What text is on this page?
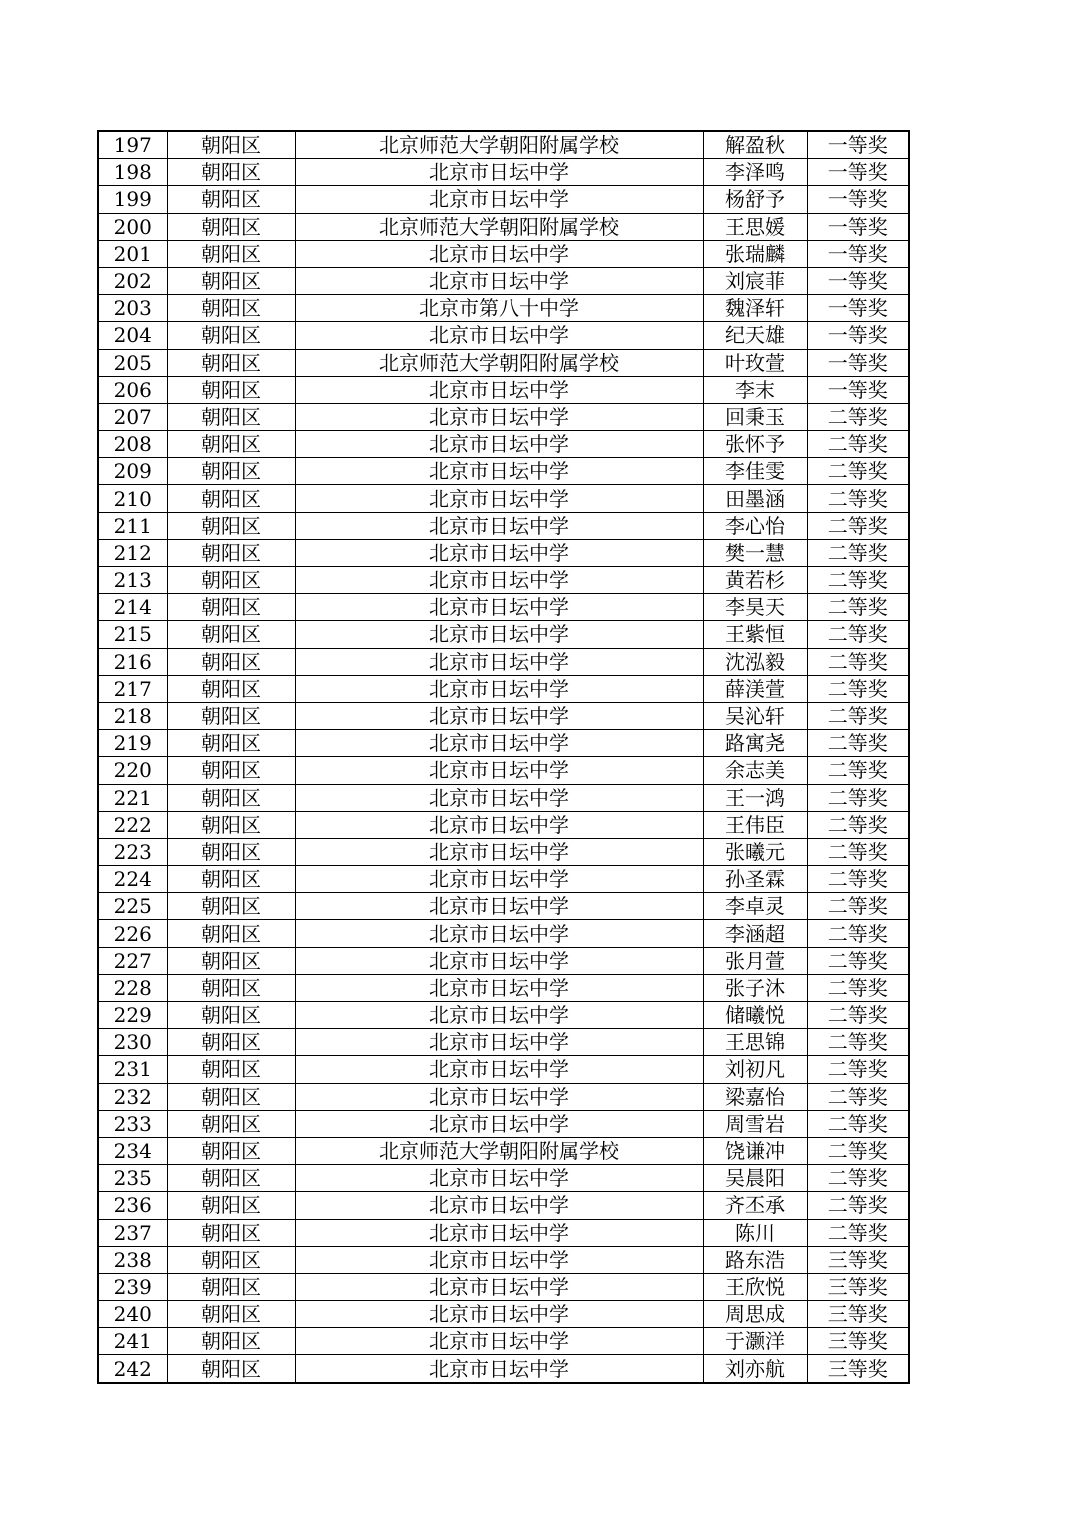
197	朝阳区	北京师范大学朝阳附属学校	解盈秋	一等奖
198	朝阳区	北京市日坛中学	李泽鸣	一等奖
199	朝阳区	北京市日坛中学	杨舒予	一等奖
200	朝阳区	北京师范大学朝阳附属学校	王思媛	一等奖
201	朝阳区	北京市日坛中学	张瑞麟	一等奖
202	朝阳区	北京市日坛中学	刘宸菲	一等奖
203	朝阳区	北京市第八十中学	魏泽轩	一等奖
204	朝阳区	北京市日坛中学	纪天雄	一等奖
205	朝阳区	北京师范大学朝阳附属学校	叶玫萱	一等奖
206	朝阳区	北京市日坛中学	李末	一等奖
207	朝阳区	北京市日坛中学	回秉玉	二等奖
208	朝阳区	北京市日坛中学	张怀予	二等奖
209	朝阳区	北京市日坛中学	李佳雯	二等奖
210	朝阳区	北京市日坛中学	田墨涵	二等奖
211	朝阳区	北京市日坛中学	李心怡	二等奖
212	朝阳区	北京市日坛中学	樊一慧	二等奖
213	朝阳区	北京市日坛中学	黄若杉	二等奖
214	朝阳区	北京市日坛中学	李昊天	二等奖
215	朝阳区	北京市日坛中学	王紫恒	二等奖
216	朝阳区	北京市日坛中学	沈泓毅	二等奖
217	朝阳区	北京市日坛中学	薛渼萱	二等奖
218	朝阳区	北京市日坛中学	吴沁轩	二等奖
219	朝阳区	北京市日坛中学	路寓尧	二等奖
220	朝阳区	北京市日坛中学	余志美	二等奖
221	朝阳区	北京市日坛中学	王一鸿	二等奖
222	朝阳区	北京市日坛中学	王伟臣	二等奖
223	朝阳区	北京市日坛中学	张曦元	二等奖
224	朝阳区	北京市日坛中学	孙圣霖	二等奖
225	朝阳区	北京市日坛中学	李卓灵	二等奖
226	朝阳区	北京市日坛中学	李涵超	二等奖
227	朝阳区	北京市日坛中学	张月萱	二等奖
228	朝阳区	北京市日坛中学	张子沐	二等奖
229	朝阳区	北京市日坛中学	储曦悦	二等奖
230	朝阳区	北京市日坛中学	王思锦	二等奖
231	朝阳区	北京市日坛中学	刘初凡	二等奖
232	朝阳区	北京市日坛中学	梁嘉怡	二等奖
233	朝阳区	北京市日坛中学	周雪岩	二等奖
234	朝阳区	北京师范大学朝阳附属学校	饶谦冲	二等奖
235	朝阳区	北京市日坛中学	吴晨阳	二等奖
236	朝阳区	北京市日坛中学	齐丕承	二等奖
237	朝阳区	北京市日坛中学	陈川	二等奖
238	朝阳区	北京市日坛中学	路东浩	三等奖
239	朝阳区	北京市日坛中学	王欣悦	三等奖
240	朝阳区	北京市日坛中学	周思成	三等奖
241	朝阳区	北京市日坛中学	于灏洋	三等奖
242	朝阳区	北京市日坛中学	刘亦航	三等奖
